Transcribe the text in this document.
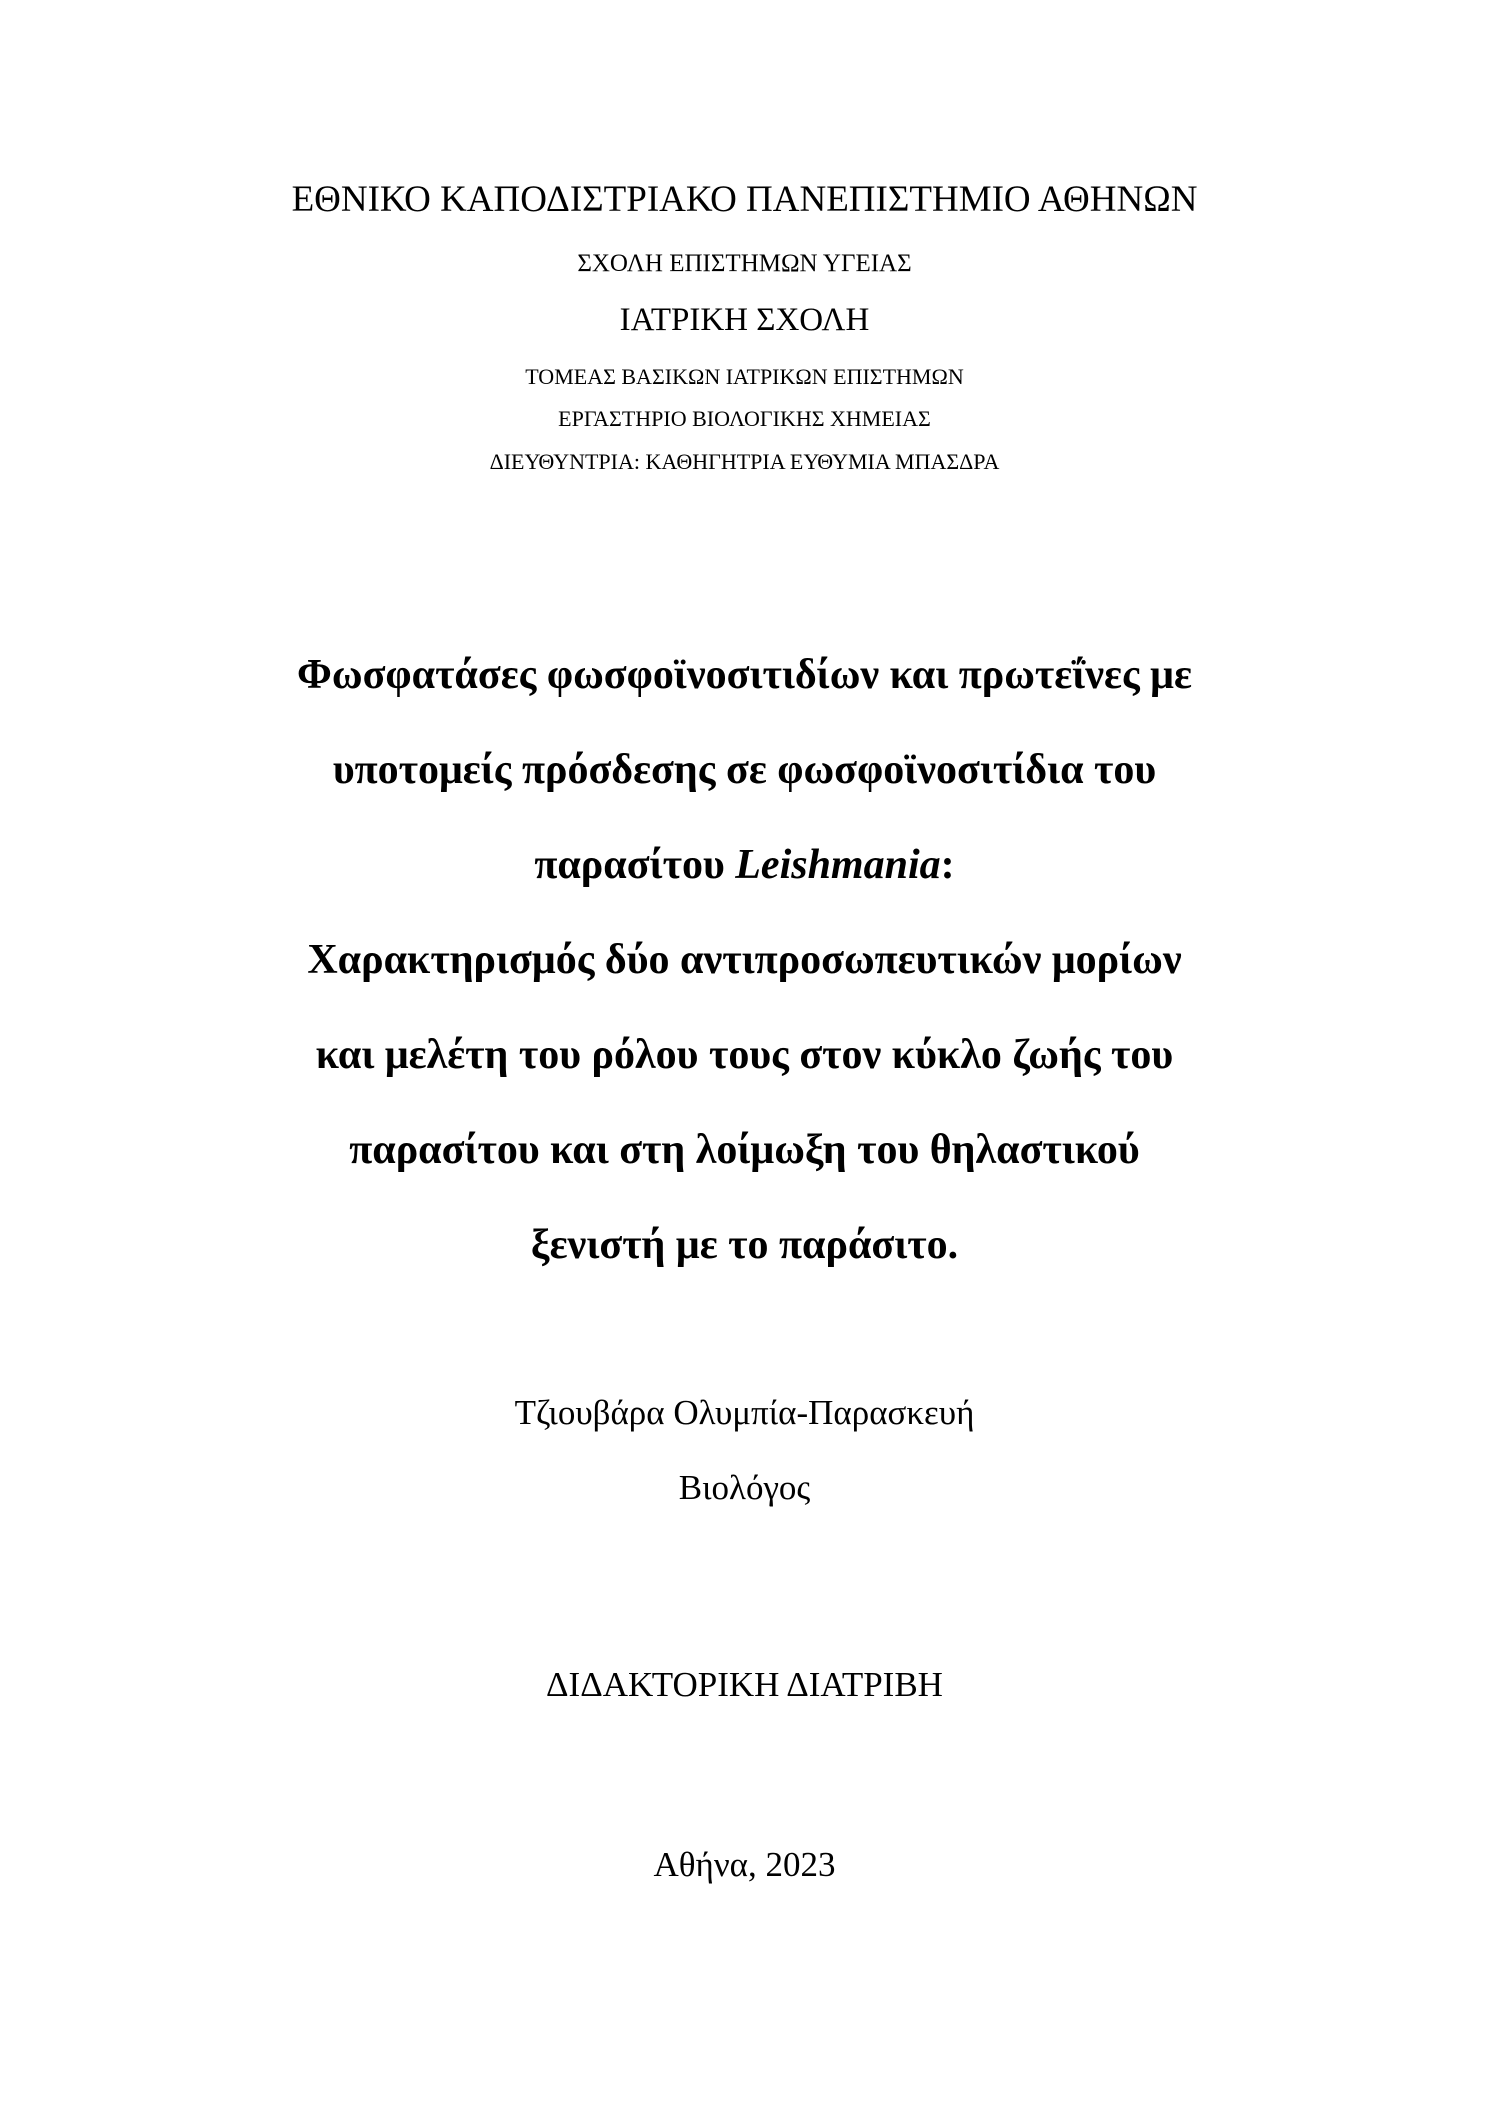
ΕΘΝΙΚΟ ΚΑΠΟΔΙΣΤΡΙΑΚΟ ΠΑΝΕΠΙΣΤΗΜΙΟ ΑΘΗΝΩΝ
ΣΧΟΛΗ ΕΠΙΣΤΗΜΩΝ ΥΓΕΙΑΣ
ΙΑΤΡΙΚΗ ΣΧΟΛΗ
ΤΟΜΕΑΣ ΒΑΣΙΚΩΝ ΙΑΤΡΙΚΩΝ ΕΠΙΣΤΗΜΩΝ
ΕΡΓΑΣΤΗΡΙΟ ΒΙΟΛΟΓΙΚΗΣ ΧΗΜΕΙΑΣ
ΔΙΕΥΘΥΝΤΡΙΑ: ΚΑΘΗΓΗΤΡΙΑ ΕΥΘΥΜΙΑ ΜΠΑΣΔΡΑ
Φωσφατάσες φωσφοϊνοσιτιδίων και πρωτεΐνες με
υποτομείς πρόσδεσης σε φωσφοϊνοσιτίδια του
παρασίτου Leishmania:
Χαρακτηρισμός δύο αντιπροσωπευτικών μορίων
και μελέτη του ρόλου τους στον κύκλο ζωής του
παρασίτου και στη λοίμωξη του θηλαστικού
ξενιστή με το παράσιτο.
Τζιουβάρα Ολυμπία-Παρασκευή
Βιολόγος
ΔΙΔΑΚΤΟΡΙΚΗ ΔΙΑΤΡΙΒΗ
Αθήνα, 2023
